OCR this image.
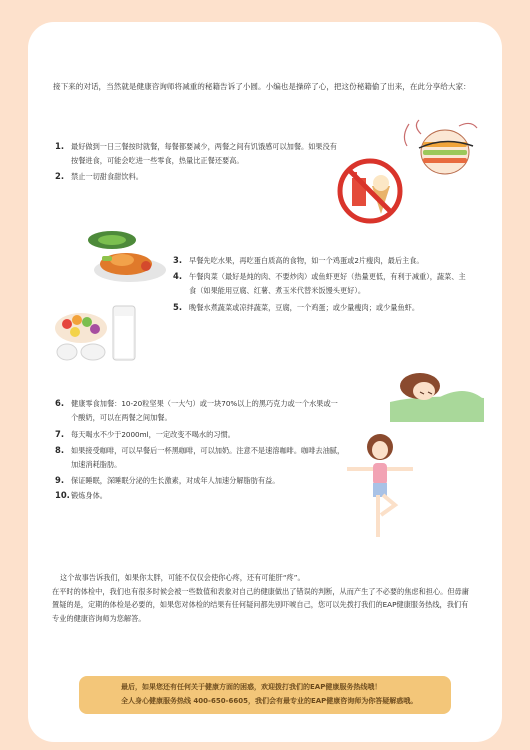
接下来的对话，当然就是健康咨询师将减重的秘籍告诉了小圆。小编也是操碎了心，把这份秘籍偷了出来，在此分享给大家：
1. 最好做到一日三餐按时就餐，每餐都要减少，两餐之间有饥饿感可以加餐。如果没有按餐进食，可能会吃进一些零食，热量比正餐还要高。
2. 禁止一切甜食甜饮料。
3. 早餐先吃水果，再吃蛋白质高的食物，如一个鸡蛋或2片瘦肉，最后主食。
4. 午餐肉菜（最好是炖的肉、不要炒肉）或鱼虾更好（热量更低，有利于减重），蔬菜、主食（如果能用豆腐、红薯、煮玉米代替米饭馒头更好）。
5. 晚餐水煮蔬菜或凉拌蔬菜，豆腐，一个鸡蛋；或少量瘦肉；或少量鱼虾。
6. 健康零食加餐：10-20粒坚果（一大勺）或一块70%以上的黑巧克力或一个水果或一个酸奶，可以在两餐之间加餐。
7. 每天喝水不少于2000ml，一定改变不喝水的习惯。
8. 如果接受咖啡，可以早餐后一杯黑咖啡，可以加奶。注意不是速溶咖啡。咖啡去油腻，加速消耗脂肪。
9. 保证睡眠，深睡眠分泌的生长激素，对成年人加速分解脂肪有益。
10. 锻炼身体。

这个故事告诉我们，如果你太胖，可能不仅仅会使你心疼，还有可能肝“疼”。

在平时的体检中，我们也有很多时候会被一些数值和表象对自己的健康做出了错误的判断，从而产生了不必要的焦虑和担心。但毋庸置疑的是，定期的体检是必要的，如果您对体检的结果有任何疑问都先别吓唬自己，您可以先拨打我们的EAP健康服务热线，我们有专业的健康咨询师为您解答。

最后，如果您还有任何关于健康方面的困惑，欢迎拨打我们的EAP健康服务热线哦！
全人身心健康服务热线 400-650-6605，我们会有最专业的EAP健康咨询师为你答疑解惑哦。
